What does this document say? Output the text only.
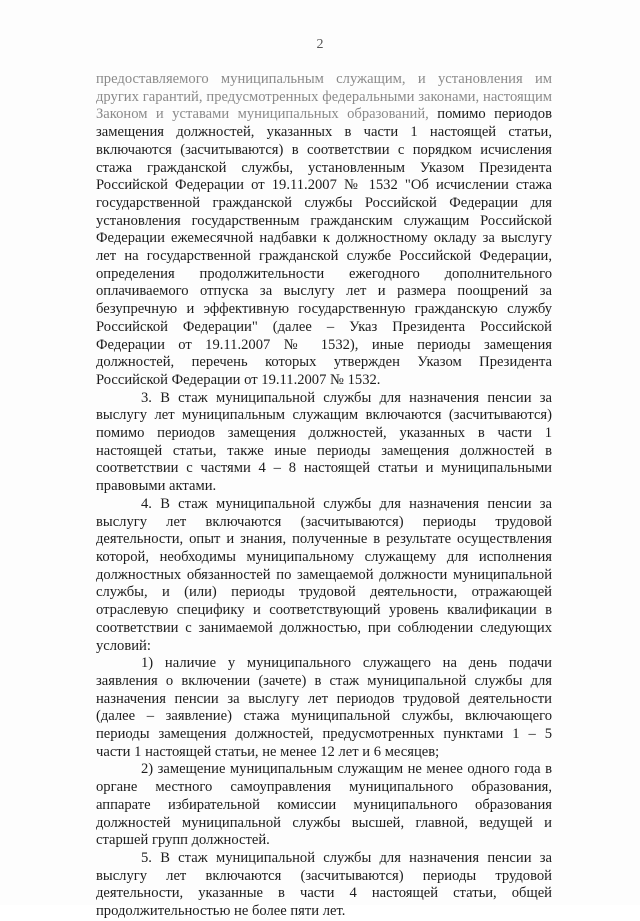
2

предоставляемого муниципальным служащим, и установления им других гарантий, предусмотренных федеральными законами, настоящим Законом и уставами муниципальных образований, помимо периодов замещения должностей, указанных в части 1 настоящей статьи, включаются (засчитываются) в соответствии с порядком исчисления стажа гражданской службы, установленным Указом Президента Российской Федерации от 19.11.2007 № 1532 "Об исчислении стажа государственной гражданской службы Российской Федерации для установления государственным гражданским служащим Российской Федерации ежемесячной надбавки к должностному окладу за выслугу лет на государственной гражданской службе Российской Федерации, определения продолжительности ежегодного дополнительного оплачиваемого отпуска за выслугу лет и размера поощрений за безупречную и эффективную государственную гражданскую службу Российской Федерации" (далее – Указ Президента Российской Федерации от 19.11.2007 № 1532), иные периоды замещения должностей, перечень которых утвержден Указом Президента Российской Федерации от 19.11.2007 № 1532.

3. В стаж муниципальной службы для назначения пенсии за выслугу лет муниципальным служащим включаются (засчитываются) помимо периодов замещения должностей, указанных в части 1 настоящей статьи, также иные периоды замещения должностей в соответствии с частями 4 – 8 настоящей статьи и муниципальными правовыми актами.

4. В стаж муниципальной службы для назначения пенсии за выслугу лет включаются (засчитываются) периоды трудовой деятельности, опыт и знания, полученные в результате осуществления которой, необходимы муниципальному служащему для исполнения должностных обязанностей по замещаемой должности муниципальной службы, и (или) периоды трудовой деятельности, отражающей отраслевую специфику и соответствующий уровень квалификации в соответствии с занимаемой должностью, при соблюдении следующих условий:

1) наличие у муниципального служащего на день подачи заявления о включении (зачете) в стаж муниципальной службы для назначения пенсии за выслугу лет периодов трудовой деятельности (далее – заявление) стажа муниципальной службы, включающего периоды замещения должностей, предусмотренных пунктами 1 – 5 части 1 настоящей статьи, не менее 12 лет и 6 месяцев;

2) замещение муниципальным служащим не менее одного года в органе местного самоуправления муниципального образования, аппарате избирательной комиссии муниципального образования должностей муниципальной службы высшей, главной, ведущей и старшей групп должностей.

5. В стаж муниципальной службы для назначения пенсии за выслугу лет включаются (засчитываются) периоды трудовой деятельности, указанные в части 4 настоящей статьи, общей продолжительностью не более пяти лет.
